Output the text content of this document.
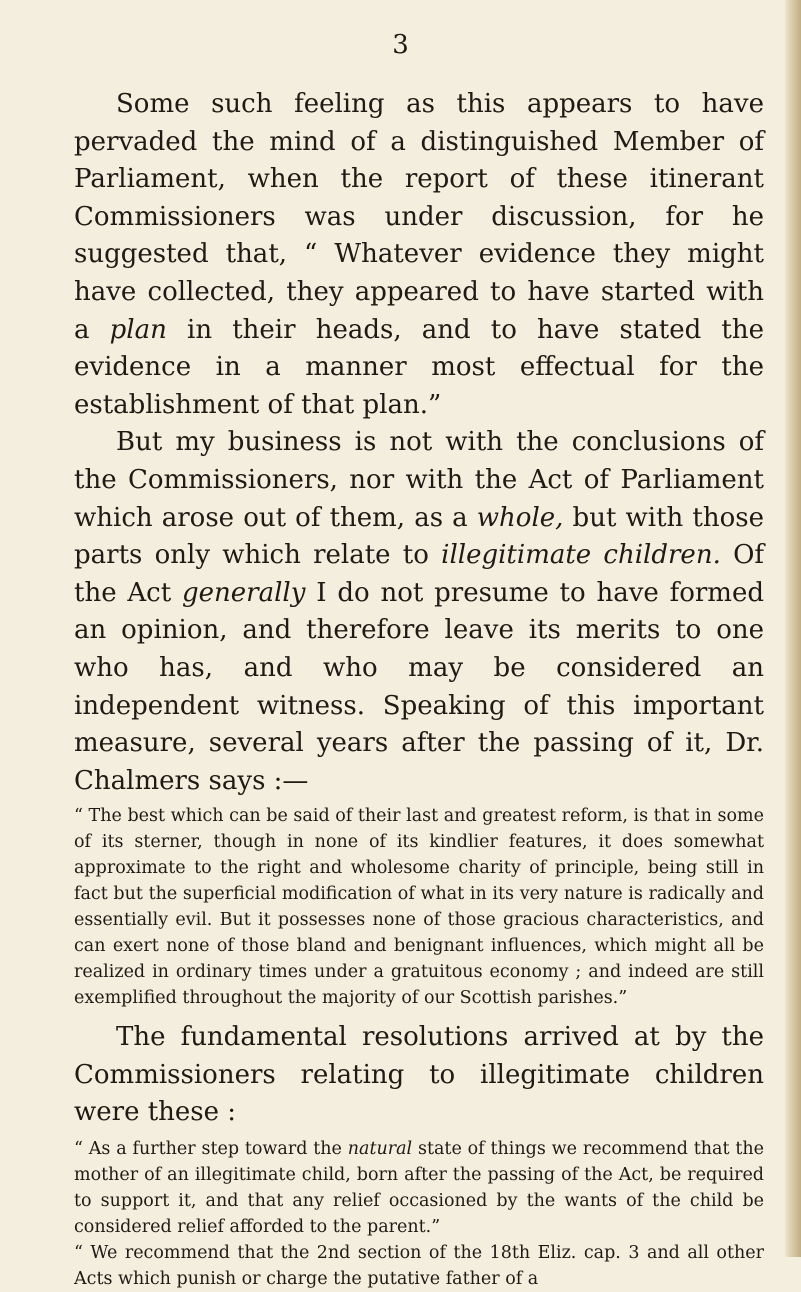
3

Some such feeling as this appears to have pervaded the mind of a distinguished Member of Parliament, when the report of these itinerant Commissioners was under discussion, for he suggested that, “ Whatever evidence they might have collected, they appeared to have started with a plan in their heads, and to have stated the evidence in a manner most effectual for the establishment of that plan.”

But my business is not with the conclusions of the Commissioners, nor with the Act of Parliament which arose out of them, as a whole, but with those parts only which relate to illegitimate children. Of the Act generally I do not presume to have formed an opinion, and therefore leave its merits to one who has, and who may be considered an independent witness. Speaking of this important measure, several years after the passing of it, Dr. Chalmers says :—

“ The best which can be said of their last and greatest reform, is that in some of its sterner, though in none of its kindlier features, it does somewhat approximate to the right and wholesome charity of principle, being still in fact but the superficial modification of what in its very nature is radically and essentially evil. But it possesses none of those gracious characteristics, and can exert none of those bland and benignant influences, which might all be realized in ordinary times under a gratuitous economy ; and indeed are still exemplified throughout the majority of our Scottish parishes.”

The fundamental resolutions arrived at by the Commissioners relating to illegitimate children were these :

“ As a further step toward the natural state of things we recommend that the mother of an illegitimate child, born after the passing of the Act, be required to support it, and that any relief occasioned by the wants of the child be considered relief afforded to the parent.”

“ We recommend that the 2nd section of the 18th Eliz. cap. 3 and all other Acts which punish or charge the putative father of a
